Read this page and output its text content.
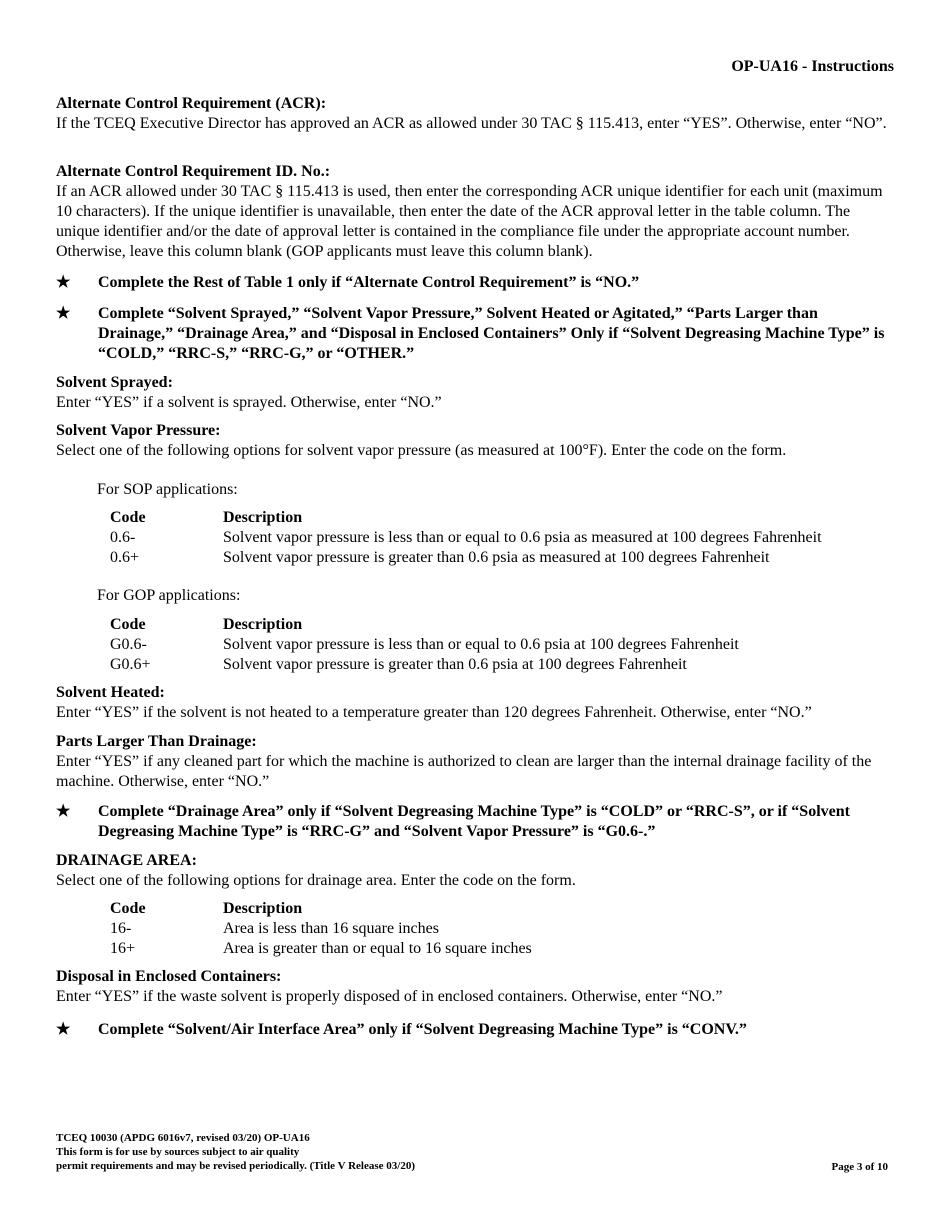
OP-UA16 - Instructions
Alternate Control Requirement (ACR):

If the TCEQ Executive Director has approved an ACR as allowed under 30 TAC § 115.413, enter “YES”. Otherwise, enter “NO”.

Alternate Control Requirement ID. No.:

If an ACR allowed under 30 TAC § 115.413 is used, then enter the corresponding ACR unique identifier for each unit (maximum 10 characters). If the unique identifier is unavailable, then enter the date of the ACR approval letter in the table column. The unique identifier and/or the date of approval letter is contained in the compliance file under the appropriate account number. Otherwise, leave this column blank (GOP applicants must leave this column blank).

★	Complete the Rest of Table 1 only if “Alternate Control Requirement” is “NO.”
★	Complete “Solvent Sprayed,” “Solvent Vapor Pressure,” Solvent Heated or Agitated,” “Parts Larger than Drainage,” “Drainage Area,” and “Disposal in Enclosed Containers” Only if “Solvent Degreasing Machine Type” is “COLD,” “RRC-S,” “RRC-G,” or “OTHER.”
Solvent Sprayed:

Enter “YES” if a solvent is sprayed. Otherwise, enter “NO.”

Solvent Vapor Pressure:

Select one of the following options for solvent vapor pressure (as measured at 100°F). Enter the code on the form.

For SOP applications:
Code	Description
0.6-	Solvent vapor pressure is less than or equal to 0.6 psia as measured at 100 degrees Fahrenheit
0.6+	Solvent vapor pressure is greater than 0.6 psia as measured at 100 degrees Fahrenheit
For GOP applications:
Code	Description
G0.6-	Solvent vapor pressure is less than or equal to 0.6 psia at 100 degrees Fahrenheit
G0.6+	Solvent vapor pressure is greater than 0.6 psia at 100 degrees Fahrenheit
Solvent Heated:

Enter “YES” if the solvent is not heated to a temperature greater than 120 degrees Fahrenheit. Otherwise, enter “NO.”

Parts Larger Than Drainage:

Enter “YES” if any cleaned part for which the machine is authorized to clean are larger than the internal drainage facility of the machine. Otherwise, enter “NO.”

★	Complete “Drainage Area” only if “Solvent Degreasing Machine Type” is “COLD” or “RRC-S”, or if “Solvent Degreasing Machine Type” is “RRC-G” and “Solvent Vapor Pressure” is “G0.6-.”
DRAINAGE AREA:

Select one of the following options for drainage area. Enter the code on the form.

Code	Description
16-	Area is less than 16 square inches
16+	Area is greater than or equal to 16 square inches
Disposal in Enclosed Containers:

Enter “YES” if the waste solvent is properly disposed of in enclosed containers. Otherwise, enter “NO.”

★	Complete “Solvent/Air Interface Area” only if “Solvent Degreasing Machine Type” is “CONV.”
TCEQ 10030 (APDG 6016v7, revised 03/20) OP-UA16
This form is for use by sources subject to air quality
permit requirements and may be revised periodically. (Title V Release 03/20)	Page 3 of 10
